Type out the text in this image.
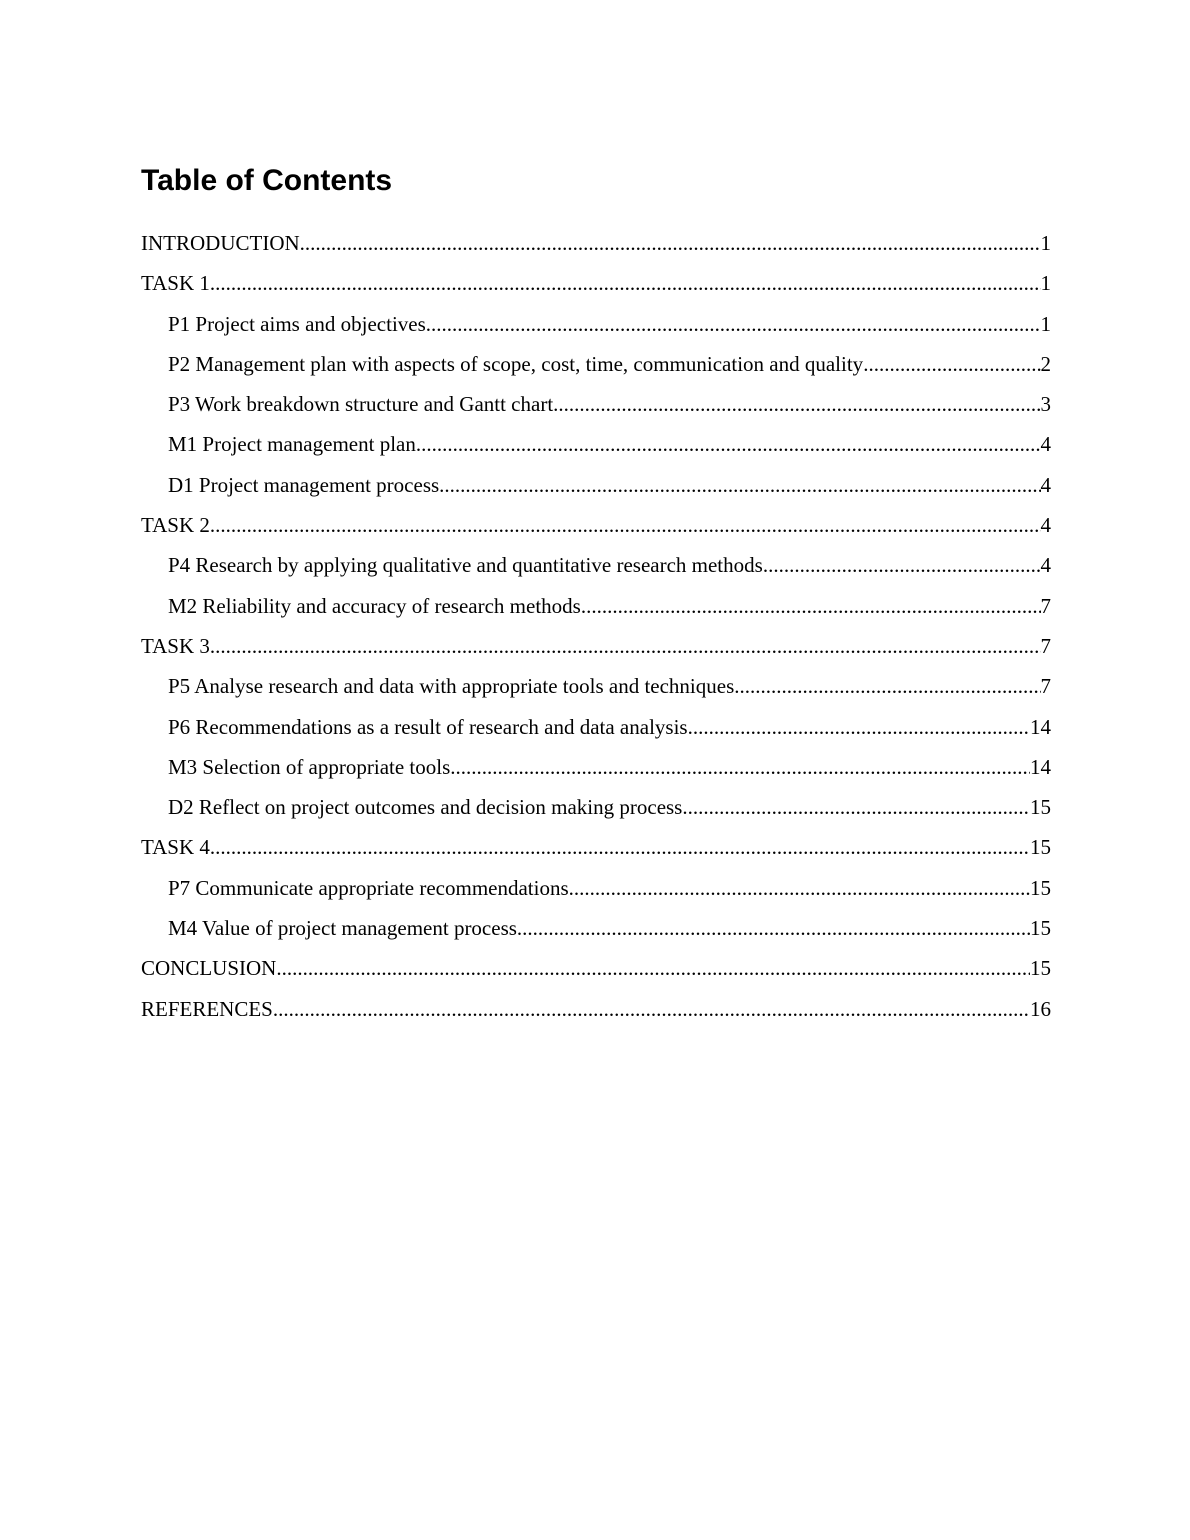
Table of Contents
INTRODUCTION .....	1
TASK 1 .....	1
P1 Project aims and objectives .....	1
P2 Management plan with aspects of scope, cost, time, communication and quality .....	2
P3 Work breakdown structure and Gantt chart .....	3
M1 Project management plan .....	4
D1 Project management process .....	4
TASK 2 .....	4
P4 Research by applying qualitative and quantitative research methods .....	4
M2 Reliability and accuracy of research methods .....	7
TASK 3 .....	7
P5 Analyse research and data with appropriate tools and techniques .....	7
P6 Recommendations as a result of research and data analysis .....	14
M3 Selection of appropriate tools .....	14
D2 Reflect on project outcomes and decision making process .....	15
TASK 4 .....	15
P7 Communicate appropriate recommendations .....	15
M4 Value of project management process .....	15
CONCLUSION .....	15
REFERENCES .....	16
